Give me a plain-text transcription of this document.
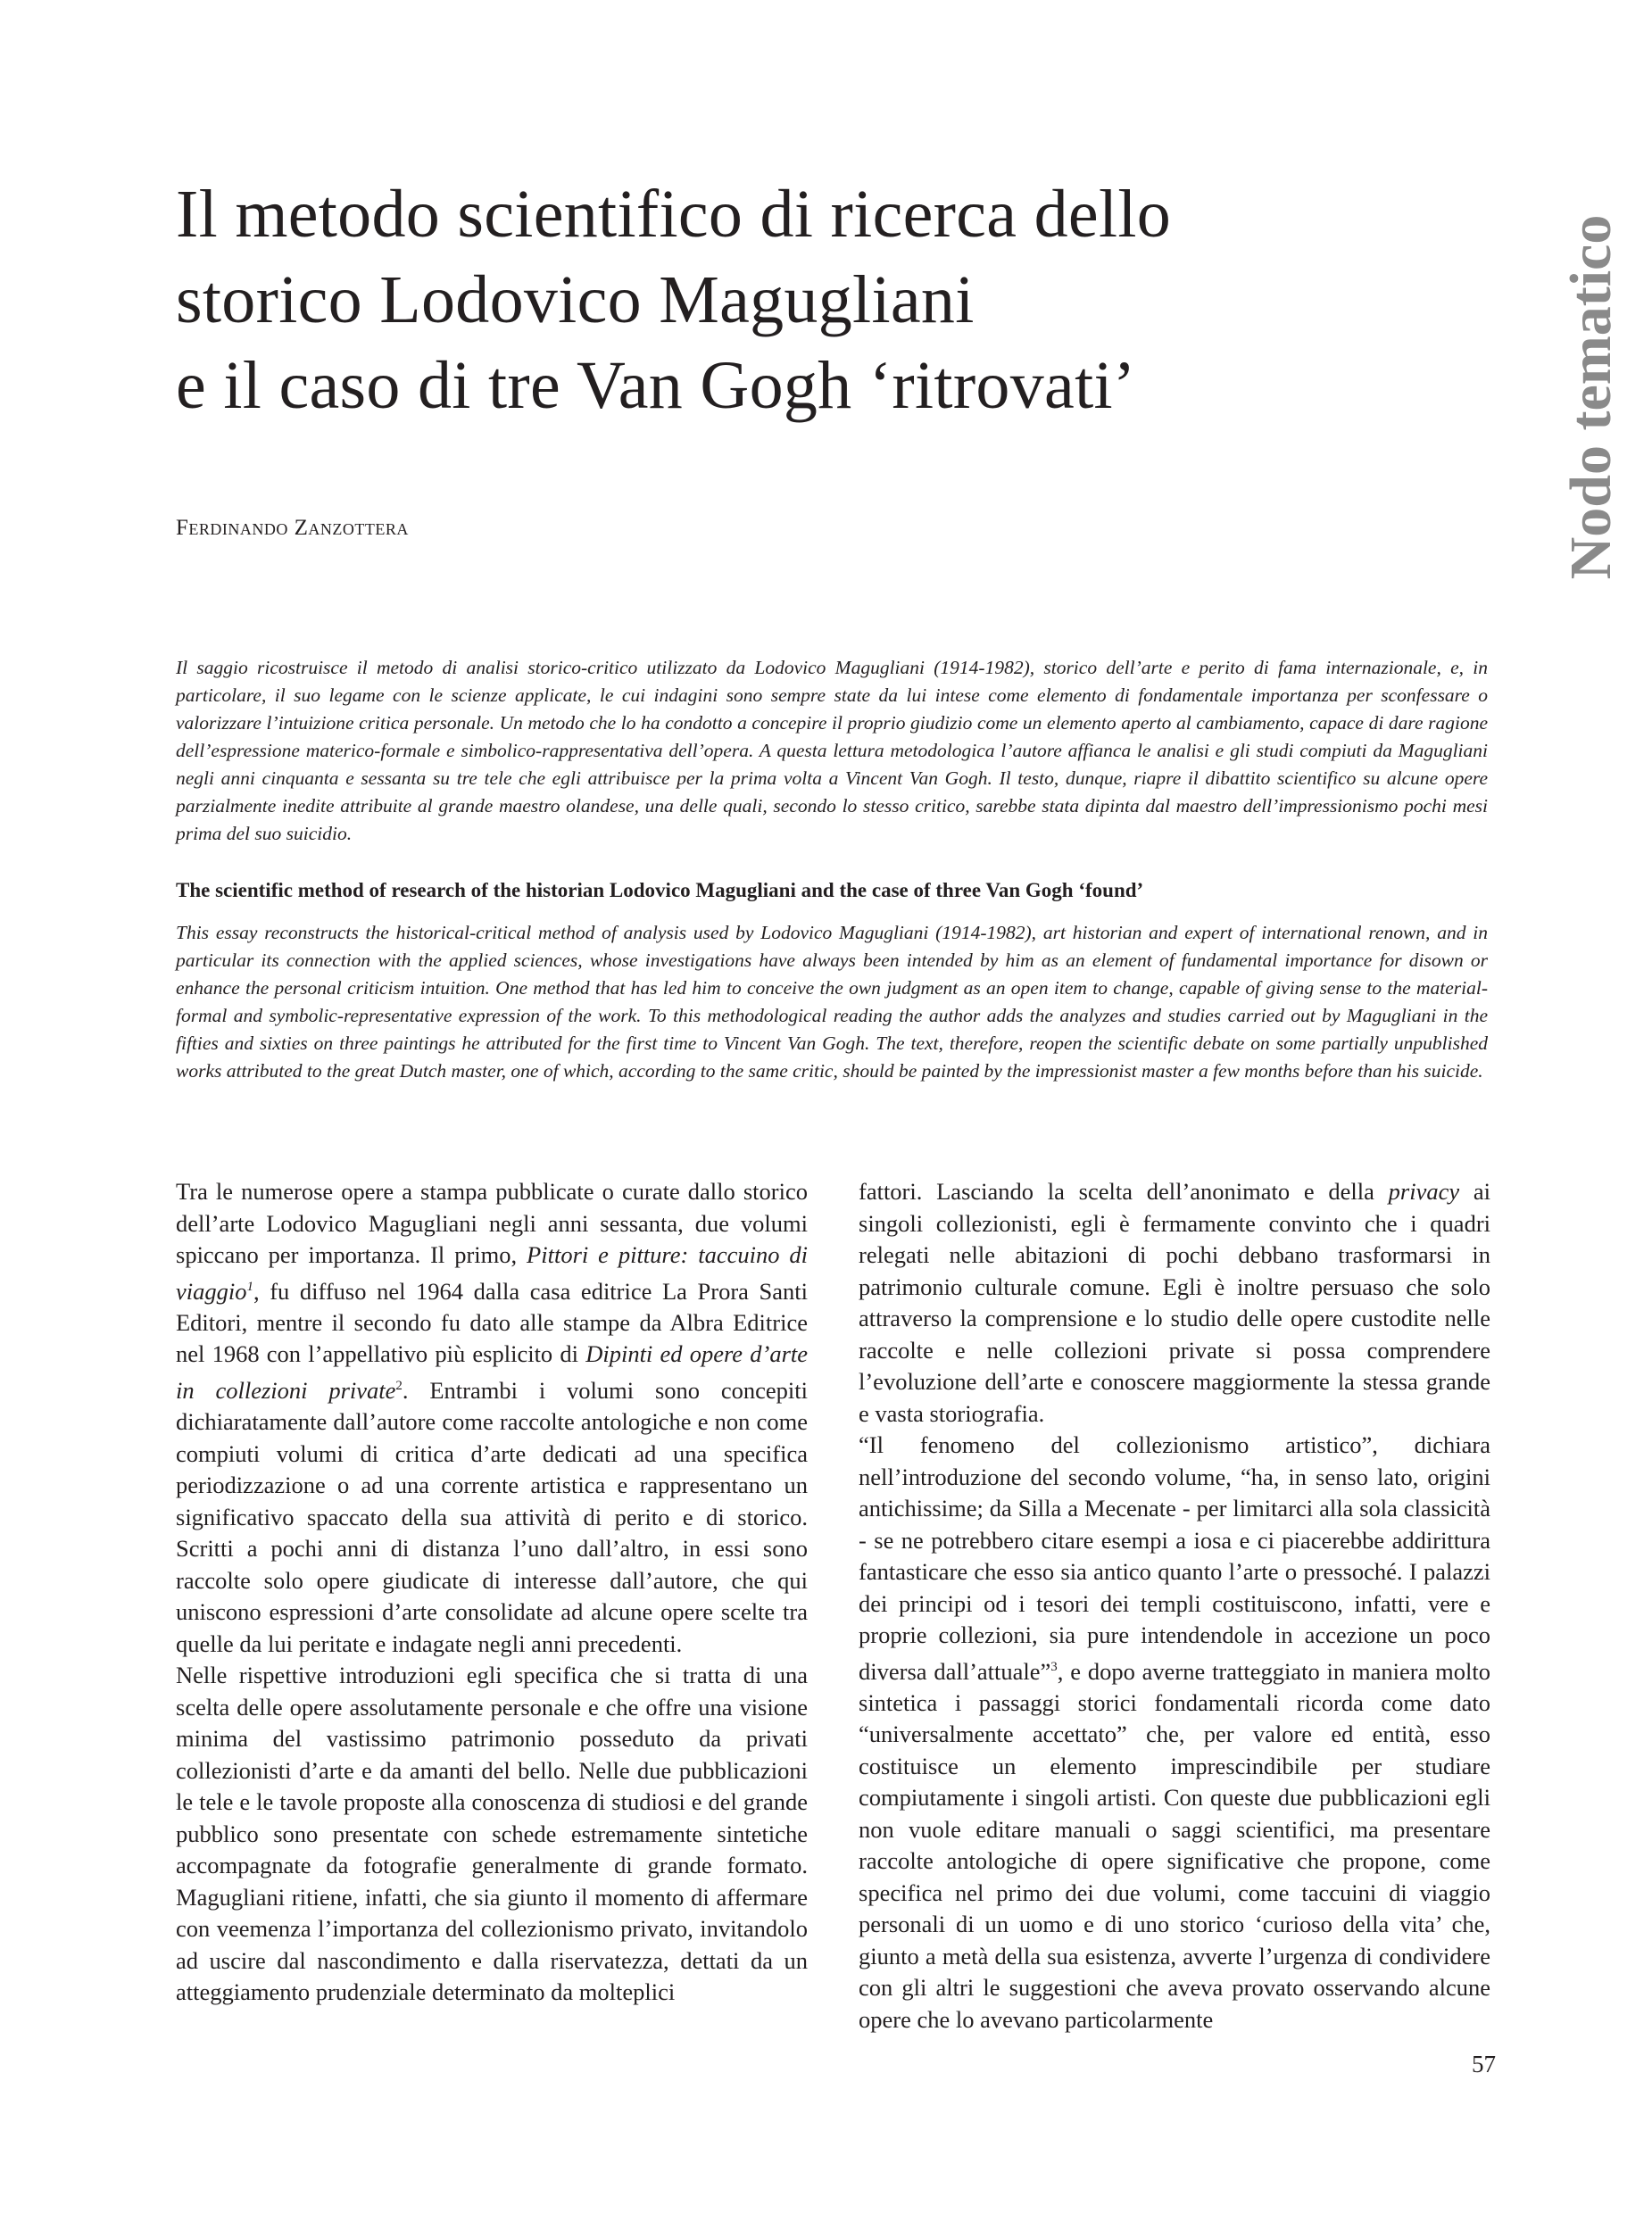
Il metodo scientifico di ricerca dello
storico Lodovico Magugliani
e il caso di tre Van Gogh ‘ritrovati’	Nodo tematico
Ferdinando Zanzottera

Il saggio ricostruisce il metodo di analisi storico-critico utilizzato da Lodovico Magugliani (1914-1982), storico dell’arte e perito di fama internazionale, e, in particolare, il suo legame con le scienze applicate, le cui indagini sono sempre state da lui intese come elemento di fondamentale importanza per sconfessare o valorizzare l’intuizione critica personale. Un metodo che lo ha condotto a concepire il proprio giudizio come un elemento aperto al cambiamento, capace di dare ragione dell’espressione materico-formale e simbolico-rappresentativa dell’opera. A questa lettura metodologica l’autore affianca le analisi e gli studi compiuti da Magugliani negli anni cinquanta e sessanta su tre tele che egli attribuisce per la prima volta a Vincent Van Gogh. Il testo, dunque, riapre il dibattito scientifico su alcune opere parzialmente inedite attribuite al grande maestro olandese, una delle quali, secondo lo stesso critico, sarebbe stata dipinta dal maestro dell’impressionismo pochi mesi prima del suo suicidio.

The scientific method of research of the historian Lodovico Magugliani and the case of three Van Gogh ‘found’

This essay reconstructs the historical-critical method of analysis used by Lodovico Magugliani (1914-1982), art historian and expert of international renown, and in particular its connection with the applied sciences, whose investigations have always been intended by him as an element of fundamental importance for disown or enhance the personal criticism intuition. One method that has led him to conceive the own judgment as an open item to change, capable of giving sense to the material-formal and symbolic-representative expression of the work. To this methodological reading the author adds the analyzes and studies carried out by Magugliani in the fifties and sixties on three paintings he attributed for the first time to Vincent Van Gogh. The text, therefore, reopen the scientific debate on some partially unpublished works attributed to the great Dutch master, one of which, according to the same critic, should be painted by the impressionist master a few months before than his suicide.

Tra le numerose opere a stampa pubblicate o curate dallo storico dell’arte Lodovico Magugliani negli anni sessanta, due volumi spiccano per importanza. Il primo, Pittori e pitture: taccuino di viaggio$^1$, fu diffuso nel 1964 dalla casa editrice La Prora Santi Editori, mentre il secondo fu dato alle stampe da Albra Editrice nel 1968 con l’appellativo più esplicito di Dipinti ed opere d’arte in collezioni private$^2$. Entrambi i volumi sono concepiti dichiaratamente dall’autore come raccolte antologiche e non come compiuti volumi di critica d’arte dedicati ad una specifica periodizzazione o ad una corrente artistica e rappresentano un significativo spaccato della sua attività di perito e di storico. Scritti a pochi anni di distanza l’uno dall’altro, in essi sono raccolte solo opere giudicate di interesse dall’autore, che qui uniscono espressioni d’arte consolidate ad alcune opere scelte tra quelle da lui peritate e indagate negli anni precedenti.

Nelle rispettive introduzioni egli specifica che si tratta di una scelta delle opere assolutamente personale e che offre una visione minima del vastissimo patrimonio posseduto da privati collezionisti d’arte e da amanti del bello. Nelle due pubblicazioni le tele e le tavole proposte alla conoscenza di studiosi e del grande pubblico sono presentate con schede estremamente sintetiche accompagnate da fotografie generalmente di grande formato. Magugliani ritiene, infatti, che sia giunto il momento di affermare con veemenza l’importanza del collezionismo privato, invitandolo ad uscire dal nascondimento e dalla riservatezza, dettati da un atteggiamento prudenziale determinato da molteplici

fattori. Lasciando la scelta dell’anonimato e della privacy ai singoli collezionisti, egli è fermamente convinto che i quadri relegati nelle abitazioni di pochi debbano trasformarsi in patrimonio culturale comune. Egli è inoltre persuaso che solo attraverso la comprensione e lo studio delle opere custodite nelle raccolte e nelle collezioni private si possa comprendere l’evoluzione dell’arte e conoscere maggiormente la stessa grande e vasta storiografia.

“Il fenomeno del collezionismo artistico”, dichiara nell’introduzione del secondo volume, “ha, in senso lato, origini antichissime; da Silla a Mecenate - per limitarci alla sola classicità - se ne potrebbero citare esempi a iosa e ci piacerebbe addirittura fantasticare che esso sia antico quanto l’arte o pressoché. I palazzi dei principi od i tesori dei templi costituiscono, infatti, vere e proprie collezioni, sia pure intendendole in accezione un poco diversa dall’attuale”$^3$, e dopo averne tratteggiato in maniera molto sintetica i passaggi storici fondamentali ricorda come dato “universalmente accettato” che, per valore ed entità, esso costituisce un elemento imprescindibile per studiare compiutamente i singoli artisti. Con queste due pubblicazioni egli non vuole editare manuali o saggi scientifici, ma presentare raccolte antologiche di opere significative che propone, come specifica nel primo dei due volumi, come taccuini di viaggio personali di un uomo e di uno storico ‘curioso della vita’ che, giunto a metà della sua esistenza, avverte l’urgenza di condividere con gli altri le suggestioni che aveva provato osservando alcune opere che lo avevano particolarmente

57
